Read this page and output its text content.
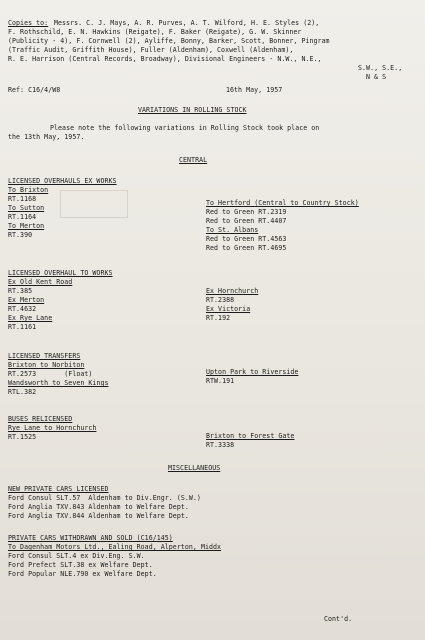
Copies to: Messrs. C. J. Mays, A. R. Purves, A. T. Wilford, H. E. Styles (2),
F. Rothschild, E. N. Hawkins (Reigate), F. Baker (Reigate), G. W. Skinner
(Publicity - 4), F. Cornwell (2), Ayliffe, Bonny, Barker, Scott, Bonner, Pingram
(Traffic Audit, Griffith House), Fuller (Aldenham), Coxwell (Aldenham),
R. E. Harrison (Central Records, Broadway), Divisional Engineers - N.W., N.E.,
S.W., S.E.,
N & S
Ref: C16/4/W8	16th May, 1957
VARIATIONS IN ROLLING STOCK
Please note the following variations in Rolling Stock took place on
the 13th May, 1957.
CENTRAL
LICENSED OVERHAULS EX WORKS
To Brixton
RT.1168
To Sutton
RT.1164
To Merton
RT.390
To Hertford (Central to Country Stock)
Red to Green RT.2319
Red to Green RT.4407
To St. Albans
Red to Green RT.4563
Red to Green RT.4695
LICENSED OVERHAUL TO WORKS
Ex Old Kent Road
RT.385
Ex Merton
RT.4632
Ex Rye Lane
RT.1161
Ex Hornchurch
RT.2388
Ex Victoria
RT.192
LICENSED TRANSFERS
Brixton to Norbiton
RT.2573       (Float)
Wandsworth to Seven Kings
RTL.382
Upton Park to Riverside
RTW.191
BUSES RELICENSED
Rye Lane to Hornchurch
RT.1525	Brixton to Forest Gate
RT.3338
MISCELLANEOUS
NEW PRIVATE CARS LICENSED
Ford Consul SLT.57  Aldenham to Div.Engr. (S.W.)
Ford Anglia TXV.843 Aldenham to Welfare Dept.
Ford Anglia TXV.844 Aldenham to Welfare Dept.
PRIVATE CARS WITHDRAWN AND SOLD (C16/145)
To Dagenham Motors Ltd., Ealing Road, Alperton, Middx
Ford Consul SLT.4 ex Div.Eng. S.W.
Ford Prefect SLT.38 ex Welfare Dept.
Ford Popular NLE.790 ex Welfare Dept.
Cont'd.
